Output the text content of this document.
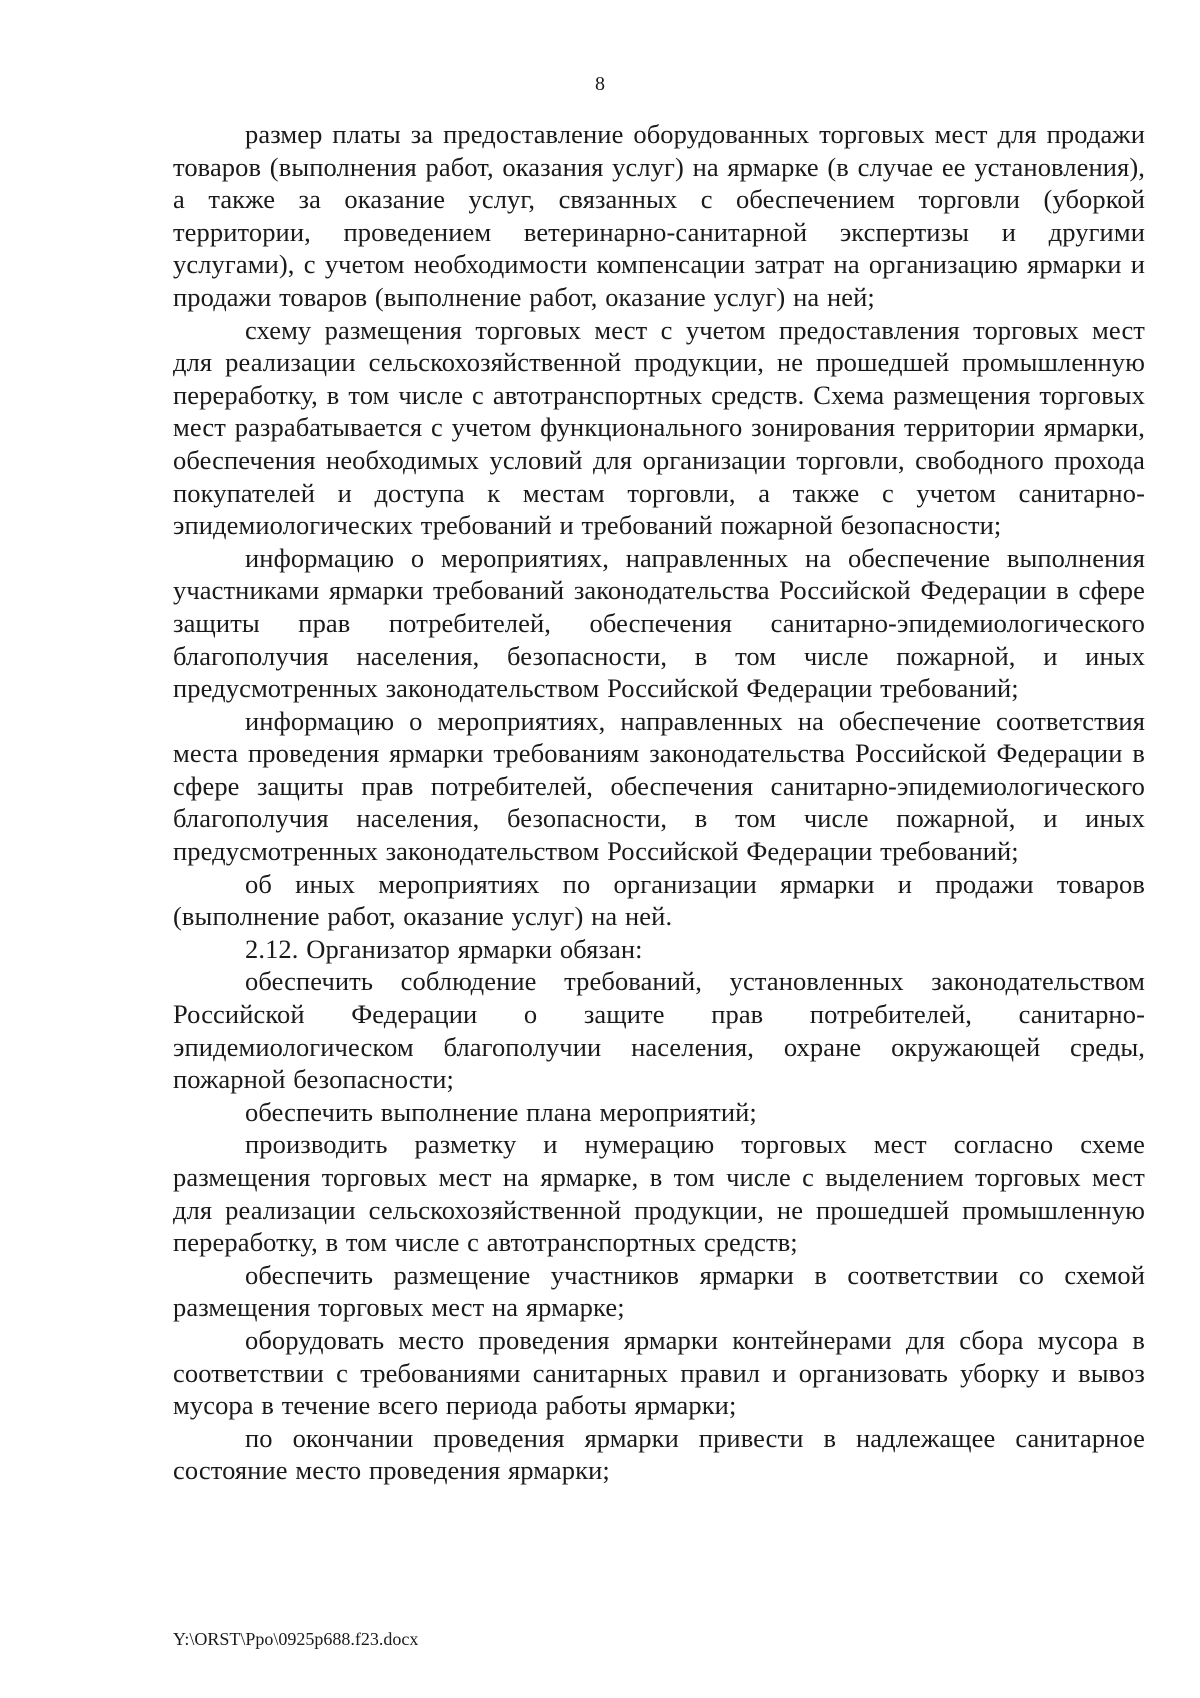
8

размер платы за предоставление оборудованных торговых мест для продажи товаров (выполнения работ, оказания услуг) на ярмарке (в случае ее установления), а также за оказание услуг, связанных с обеспечением торговли (уборкой территории, проведением ветеринарно-санитарной экспертизы и другими услугами), с учетом необходимости компенсации затрат на организацию ярмарки и продажи товаров (выполнение работ, оказание услуг) на ней;

схему размещения торговых мест с учетом предоставления торговых мест для реализации сельскохозяйственной продукции, не прошедшей промышленную переработку, в том числе с автотранспортных средств. Схема размещения торговых мест разрабатывается с учетом функционального зонирования территории ярмарки, обеспечения необходимых условий для организации торговли, свободного прохода покупателей и доступа к местам торговли, а также с учетом санитарно-эпидемиологических требований и требований пожарной безопасности;

информацию о мероприятиях, направленных на обеспечение выполнения участниками ярмарки требований законодательства Российской Федерации в сфере защиты прав потребителей, обеспечения санитарно-эпидемиологического благополучия населения, безопасности, в том числе пожарной, и иных предусмотренных законодательством Российской Федерации требований;

информацию о мероприятиях, направленных на обеспечение соответствия места проведения ярмарки требованиям законодательства Российской Федерации в сфере защиты прав потребителей, обеспечения санитарно-эпидемиологического благополучия населения, безопасности, в том числе пожарной, и иных предусмотренных законодательством Российской Федерации требований;

об иных мероприятиях по организации ярмарки и продажи товаров (выполнение работ, оказание услуг) на ней.

2.12. Организатор ярмарки обязан:

обеспечить соблюдение требований, установленных законодательством Российской Федерации о защите прав потребителей, санитарно-эпидемиологическом благополучии населения, охране окружающей среды, пожарной безопасности;

обеспечить выполнение плана мероприятий;

производить разметку и нумерацию торговых мест согласно схеме размещения торговых мест на ярмарке, в том числе с выделением торговых мест для реализации сельскохозяйственной продукции, не прошедшей промышленную переработку, в том числе с автотранспортных средств;

обеспечить размещение участников ярмарки в соответствии со схемой размещения торговых мест на ярмарке;

оборудовать место проведения ярмарки контейнерами для сбора мусора в соответствии с требованиями санитарных правил и организовать уборку и вывоз мусора в течение всего периода работы ярмарки;

по окончании проведения ярмарки привести в надлежащее санитарное состояние место проведения ярмарки;

Y:\ORST\Ppo\0925p688.f23.docx
